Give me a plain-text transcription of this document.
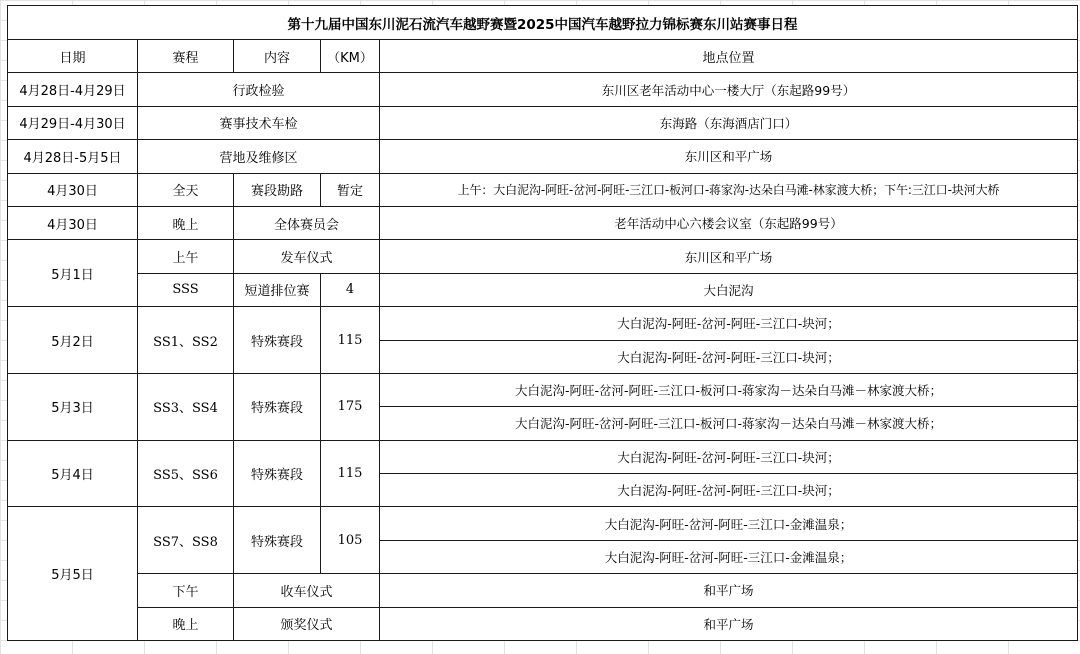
第十九届中国东川泥石流汽车越野赛暨2025中国汽车越野拉力锦标赛东川站赛事日程				
日期	赛程	内容	（KM）	地点位置
4月28日-4月29日	行政检验			东川区老年活动中心一楼大厅（东起路99号）
4月29日-4月30日	赛事技术车检			东海路（东海酒店门口）
4月28日-5月5日	营地及维修区			东川区和平广场
4月30日	全天	赛段勘路	暂定	上午：大白泥沟-阿旺-岔河-阿旺-三江口-板河口-蒋家沟-达朵白马滩-林家渡大桥；下午:三江口-块河大桥
4月30日	晚上	全体赛员会		老年活动中心六楼会议室（东起路99号）
5月1日	上午	发车仪式		东川区和平广场
	SSS	短道排位赛	4	大白泥沟
5月2日	SS1、SS2	特殊赛段	115	大白泥沟-阿旺-岔河-阿旺-三江口-块河；
				大白泥沟-阿旺-岔河-阿旺-三江口-块河；
5月3日	SS3、SS4	特殊赛段	175	大白泥沟-阿旺-岔河-阿旺-三江口-板河口-蒋家沟－达朵白马滩－林家渡大桥；
				大白泥沟-阿旺-岔河-阿旺-三江口-板河口-蒋家沟－达朵白马滩－林家渡大桥；
5月4日	SS5、SS6	特殊赛段	115	大白泥沟-阿旺-岔河-阿旺-三江口-块河；
				大白泥沟-阿旺-岔河-阿旺-三江口-块河；
5月5日	SS7、SS8	特殊赛段	105	大白泥沟-阿旺-岔河-阿旺-三江口-金滩温泉；
				大白泥沟-阿旺-岔河-阿旺-三江口-金滩温泉；
	下午	收车仪式		和平广场
	晚上	颁奖仪式		和平广场
